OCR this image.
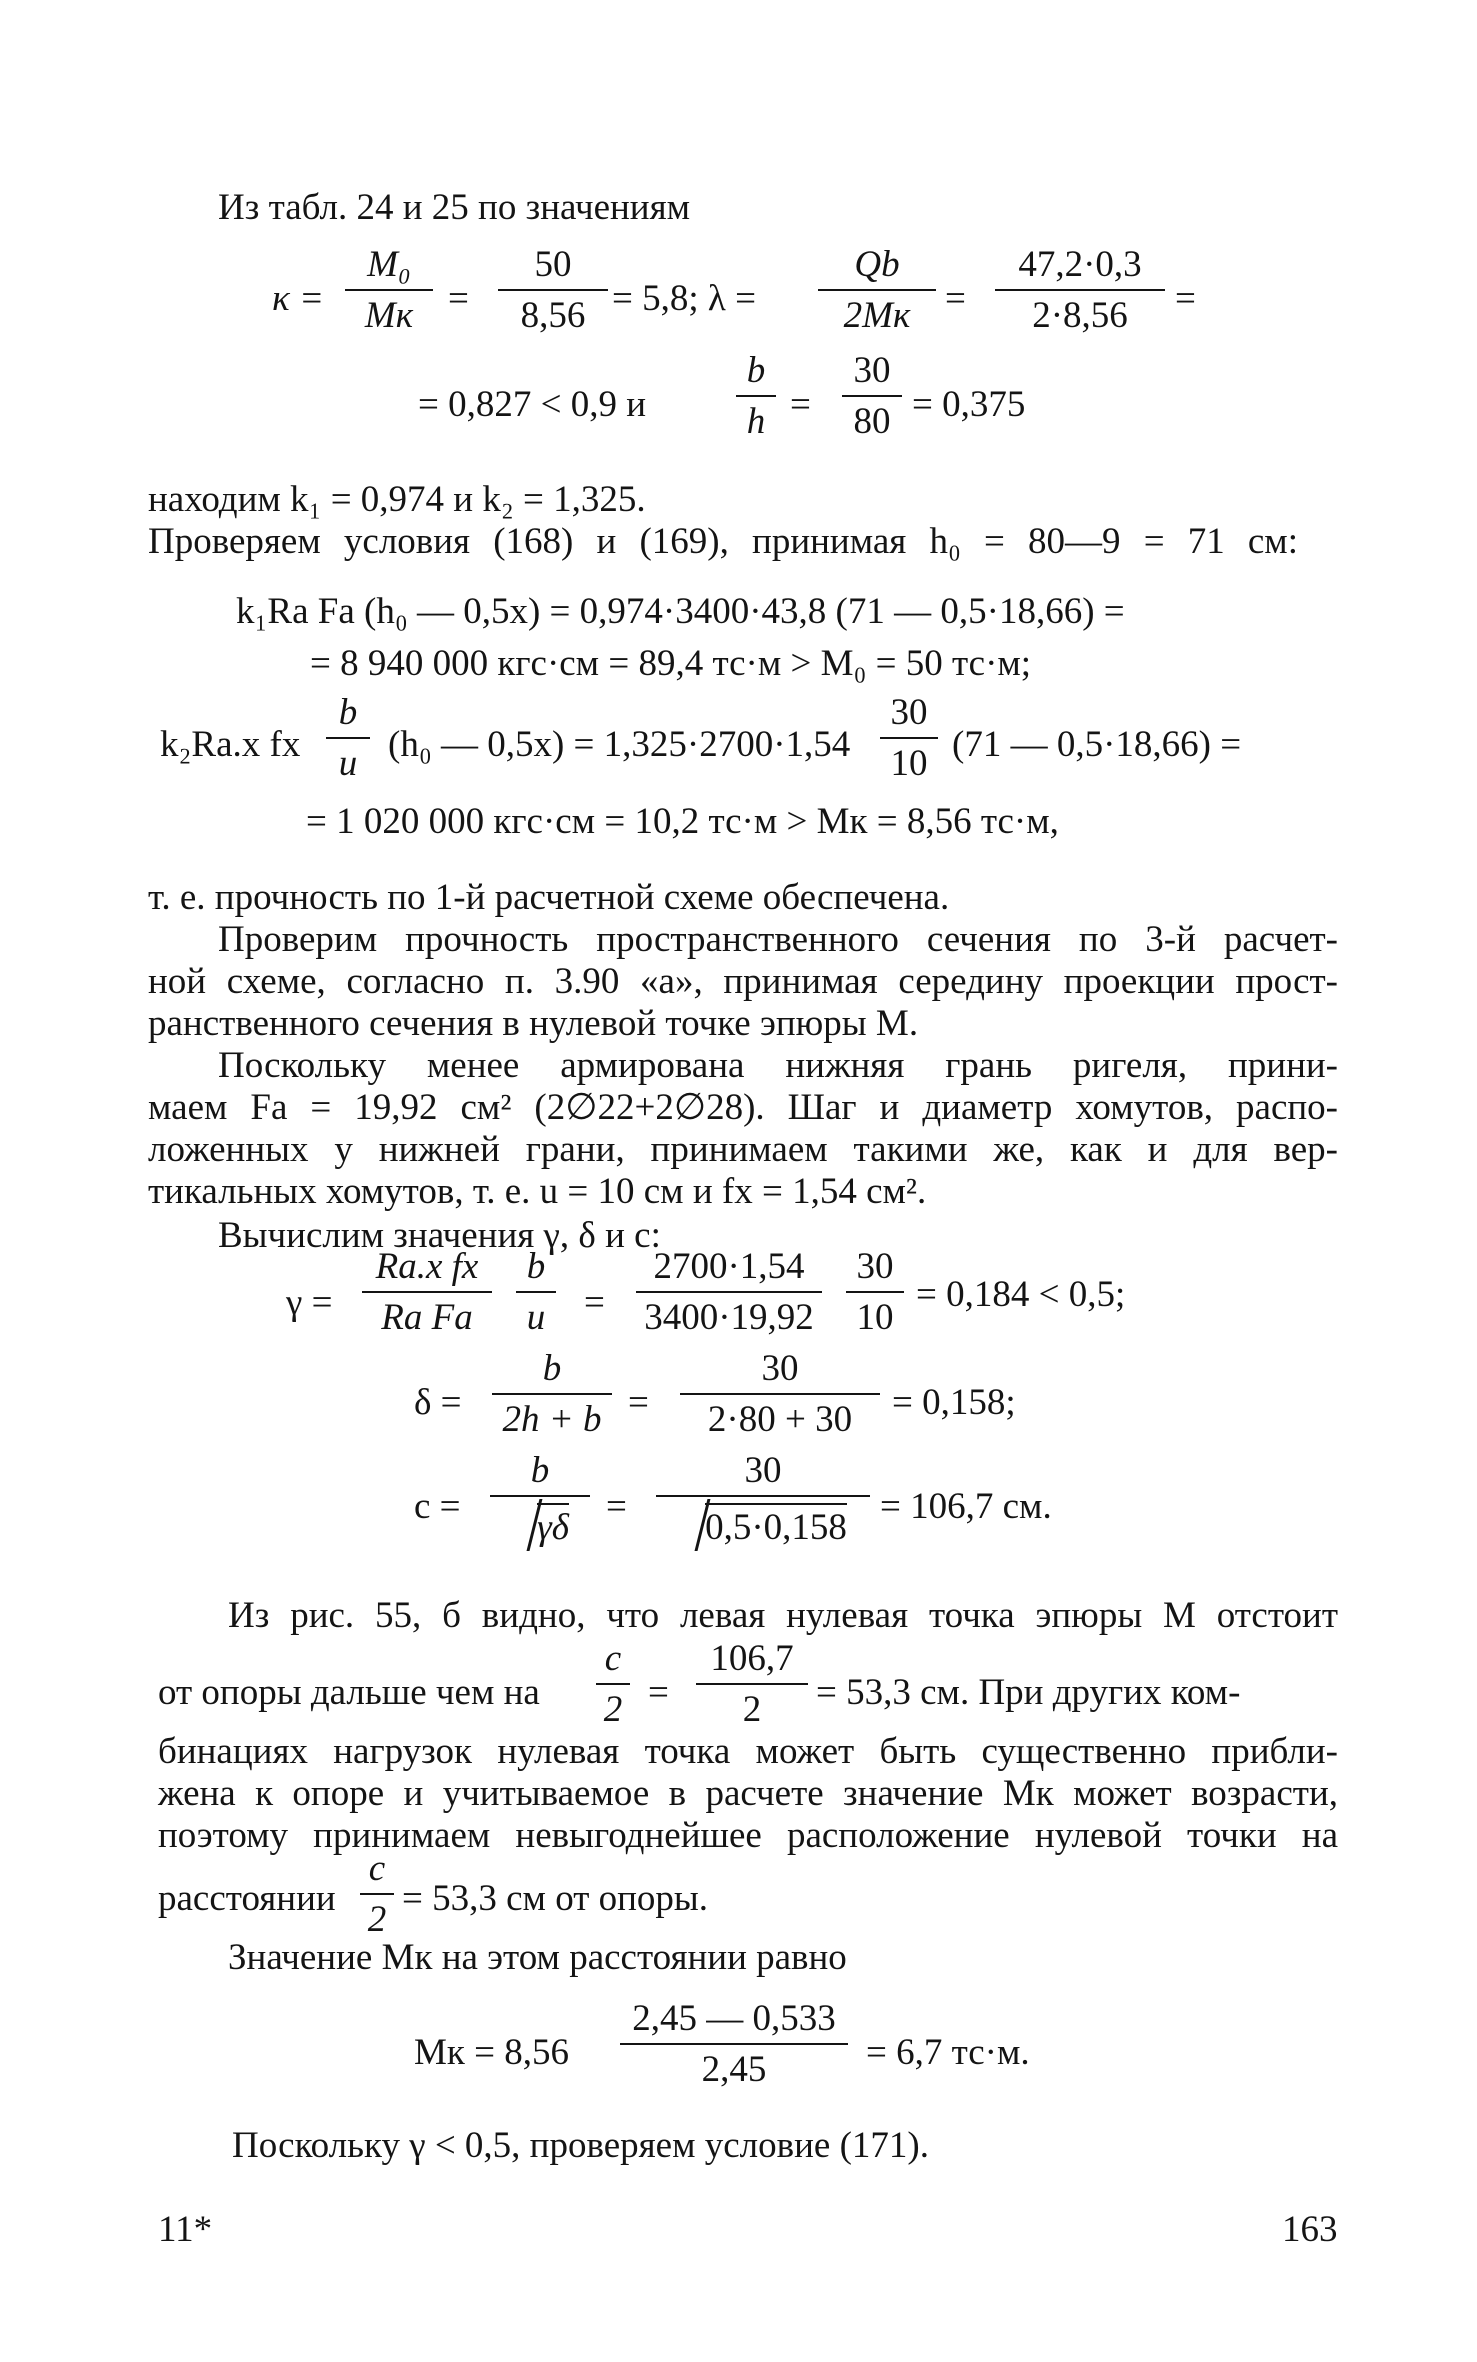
Из табл. 24 и 25 по значениям
κ =
M₀
Mк =
50
8,56 = 5,8; λ =
Qb
2Mк =
47,2·0,3
2·8,56	=
= 0,827 < 0,9 и
b
h =
30
80 = 0,375
находим k₁ = 0,974 и k₂ = 1,325.
Проверяем условия (168) и (169), принимая h₀ = 80—9 = 71 см:
k₁Rа Fа (h₀ — 0,5x) = 0,974·3400·43,8 (71 — 0,5·18,66) =
= 8 940 000 кгс·см = 89,4 тс·м > M₀ = 50 тс·м;
k₂Rа.х fх
b
u (h₀ — 0,5x) = 1,325·2700·1,54
30
10 (71 — 0,5·18,66) =
= 1 020 000 кгс·см = 10,2 тс·м > Mк = 8,56 тс·м,
т. е. прочность по 1-й расчетной схеме обеспечена.
Проверим прочность пространственного сечения по 3-й расчет-
ной схеме, согласно п. 3.90 «а», принимая середину проекции прост-
ранственного сечения в нулевой точке эпюры M.
Поскольку менее армирована нижняя грань ригеля, прини-
маем Fа = 19,92 см² (2∅22+2∅28). Шаг и диаметр хомутов, распо-
ложенных у нижней грани, принимаем такими же, как и для вер-
тикальных хомутов, т. е. u = 10 см и fх = 1,54 см².
Вычислим значения γ, δ и c:
γ =
Rа.х fх
Rа Fа
b
u =
2700·1,54
3400·19,92
30
10
= 0,184 < 0,5;
δ =
b
2h + b =
30
2·80 + 30	= 0,158;
c =
b
γδ
=
30
0,5·0,158
= 106,7 см.
Из рис. 55, б видно, что левая нулевая точка эпюры M отстоит
от опоры дальше чем на
c
2 =
106,7
2	= 53,3 см. При других ком-
бинациях нагрузок нулевая точка может быть существенно прибли-
жена к опоре и учитываемое в расчете значение Mк может возрасти,
поэтому принимаем невыгоднейшее расположение нулевой точки на
расстоянии
c
2
= 53,3 см от опоры.
Значение Mк на этом расстоянии равно
Mк = 8,56
2,45 — 0,533
2,45	= 6,7 тс·м.
Поскольку γ < 0,5, проверяем условие (171).
11*	163
